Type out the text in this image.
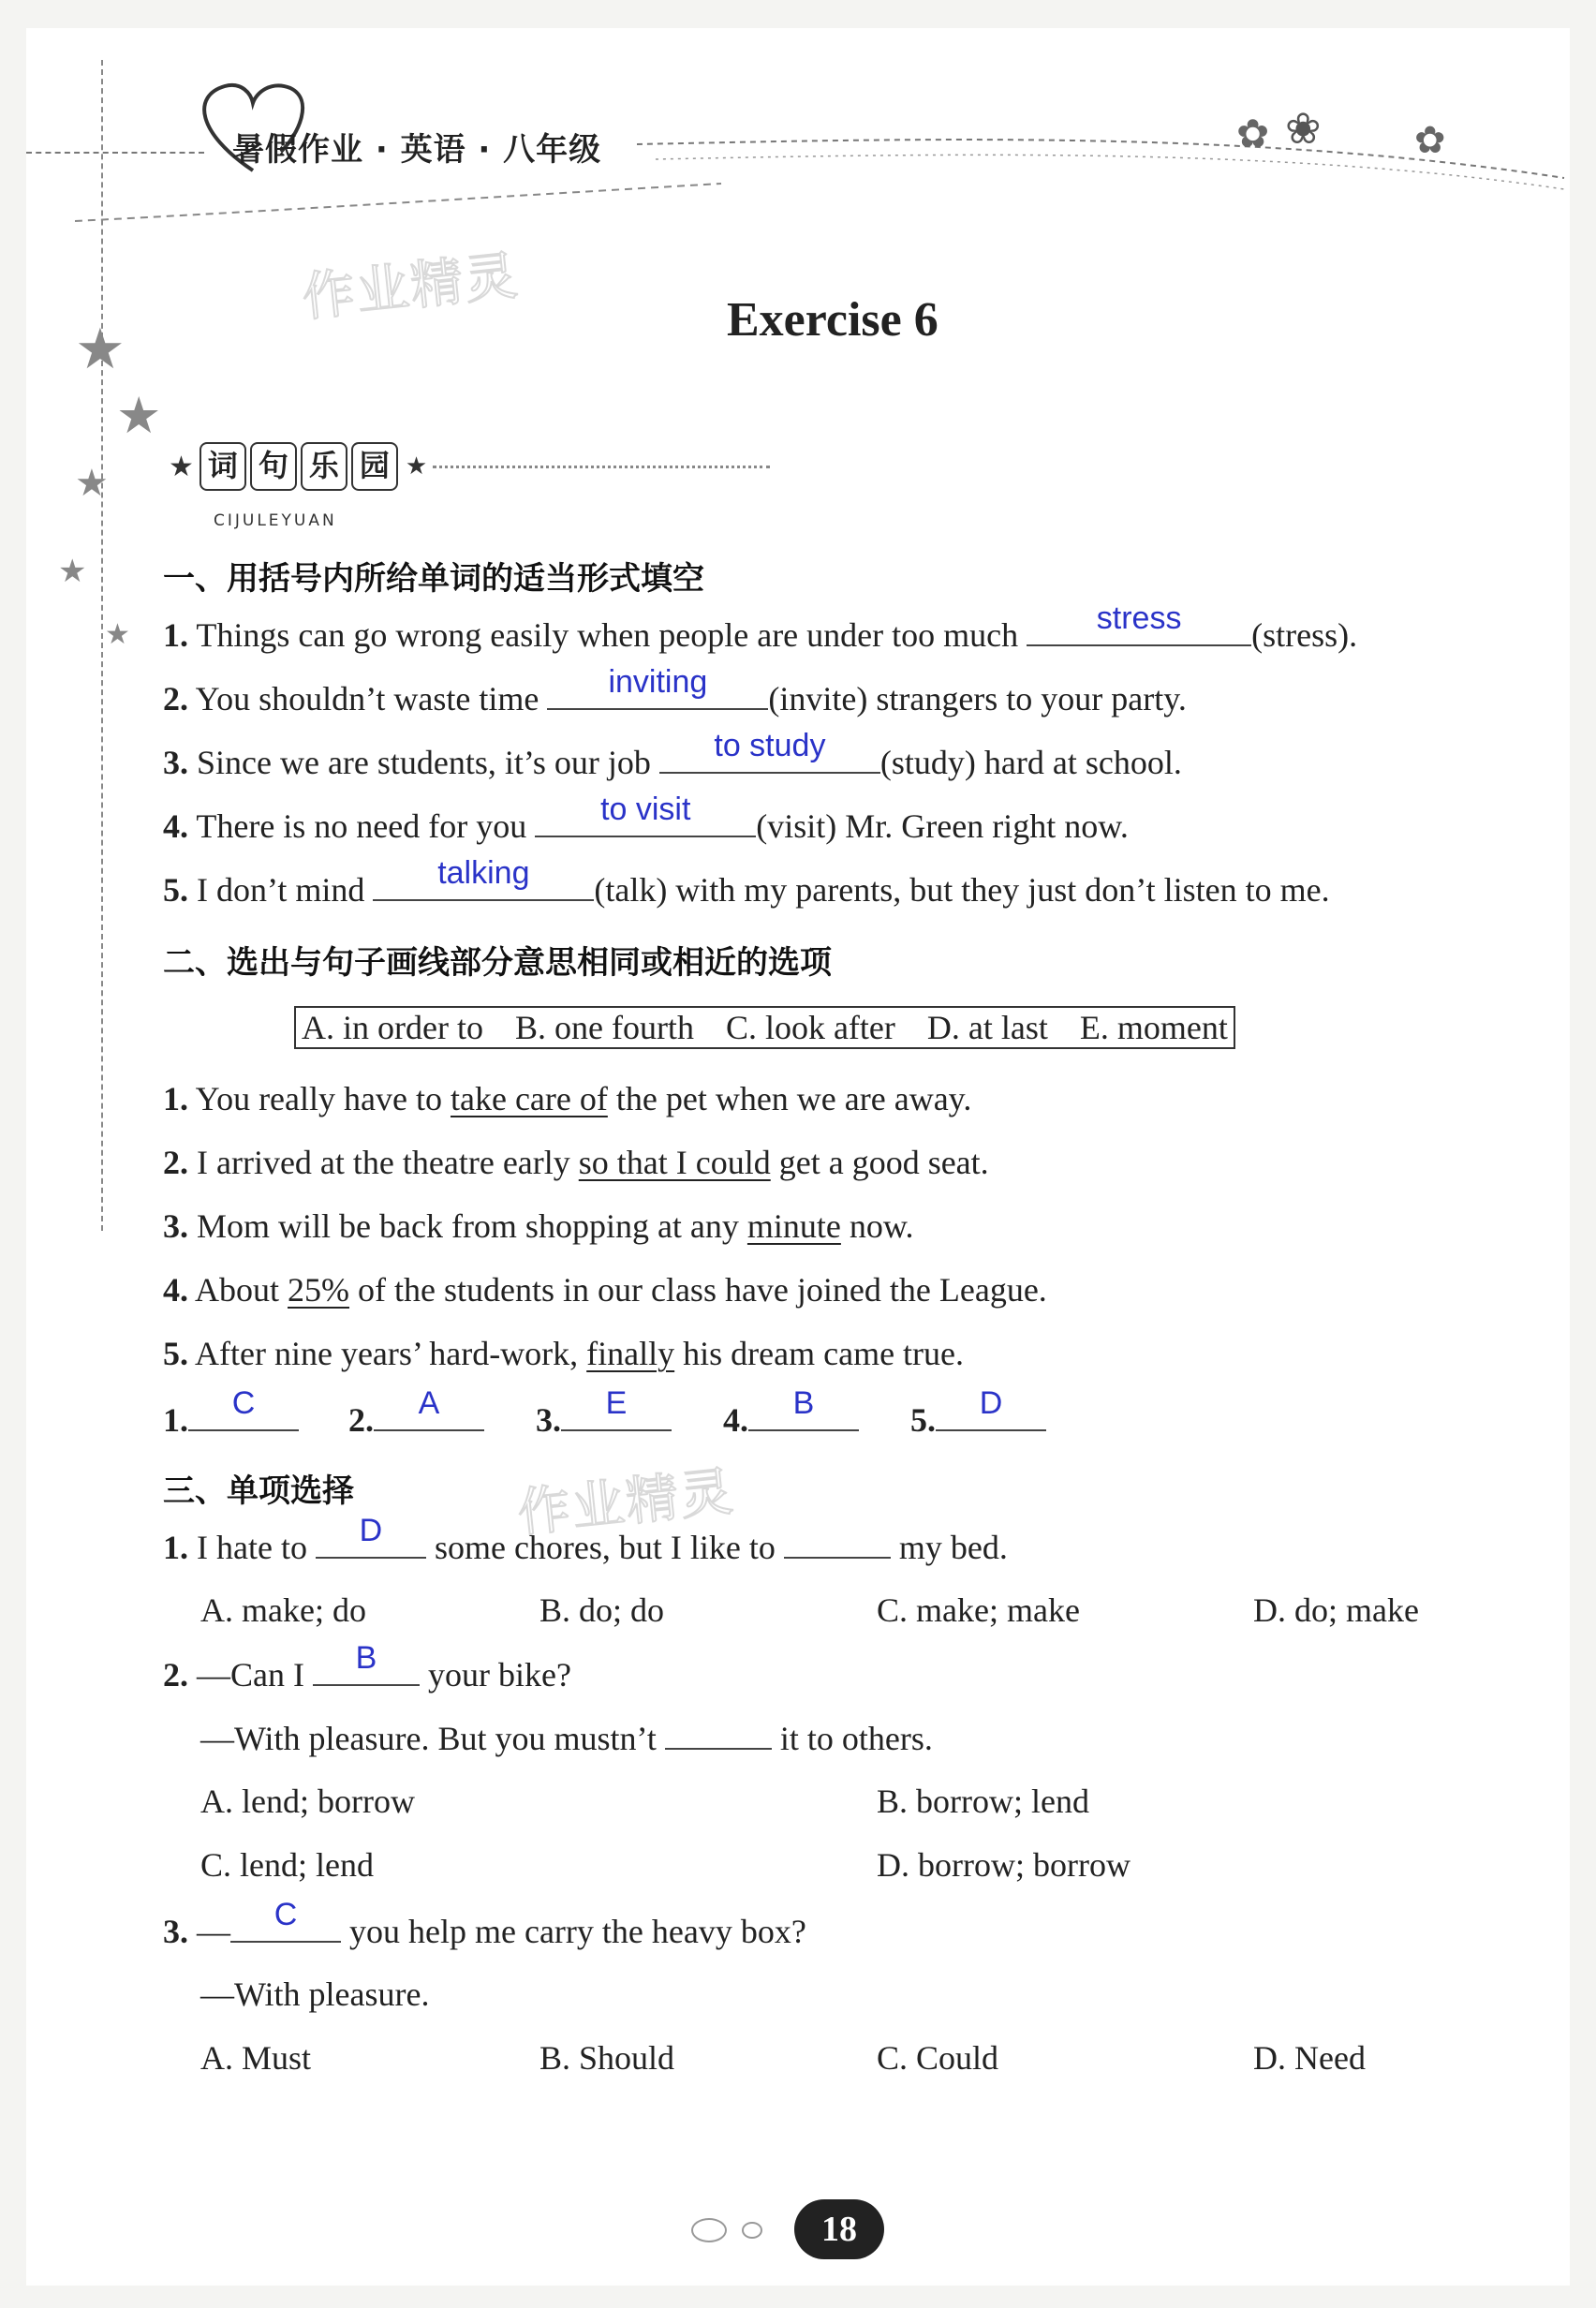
暑假作业 · 英语 · 八年级	✿ ❀ ✿
★
★
★
★
★
作业精灵
作业精灵
Exercise 6
★ 词 句 乐 园 ★
CIJULEYUAN
一、用括号内所给单词的适当形式填空
1. Things can go wrong easily when people are under too much	stress	(stress).
2. You shouldn’t waste time	inviting	(invite) strangers to your party.
3. Since we are students, it’s our job	to study	(study) hard at school.
4. There is no need for you	to visit	(visit) Mr. Green right now.
5. I don’t mind	talking	(talk) with my parents, but they just don’t listen to me.
二、选出与句子画线部分意思相同或相近的选项
A. in order to B. one fourth C. look after D. at last E. moment
1. You really have to take care of the pet when we are away.
2. I arrived at the theatre early so that I could get a good seat.
3. Mom will be back from shopping at any minute now.
4. About 25% of the students in our class have joined the League.
5. After nine years’ hard-work, finally his dream came true.
1.	C	2.	A	3.	E	4.	B	5.	D
三、单项选择
1. I hate to	D	some chores, but I like to	my bed.
A. make; do	B. do; do	C. make; make	D. do; make
2. —Can I	B	your bike?
—With pleasure. But you mustn’t	it to others.
A. lend; borrow	B. borrow; lend
C. lend; lend	D. borrow; borrow
3. —	C	you help me carry the heavy box?
—With pleasure.
A. Must	B. Should	C. Could	D. Need
18
